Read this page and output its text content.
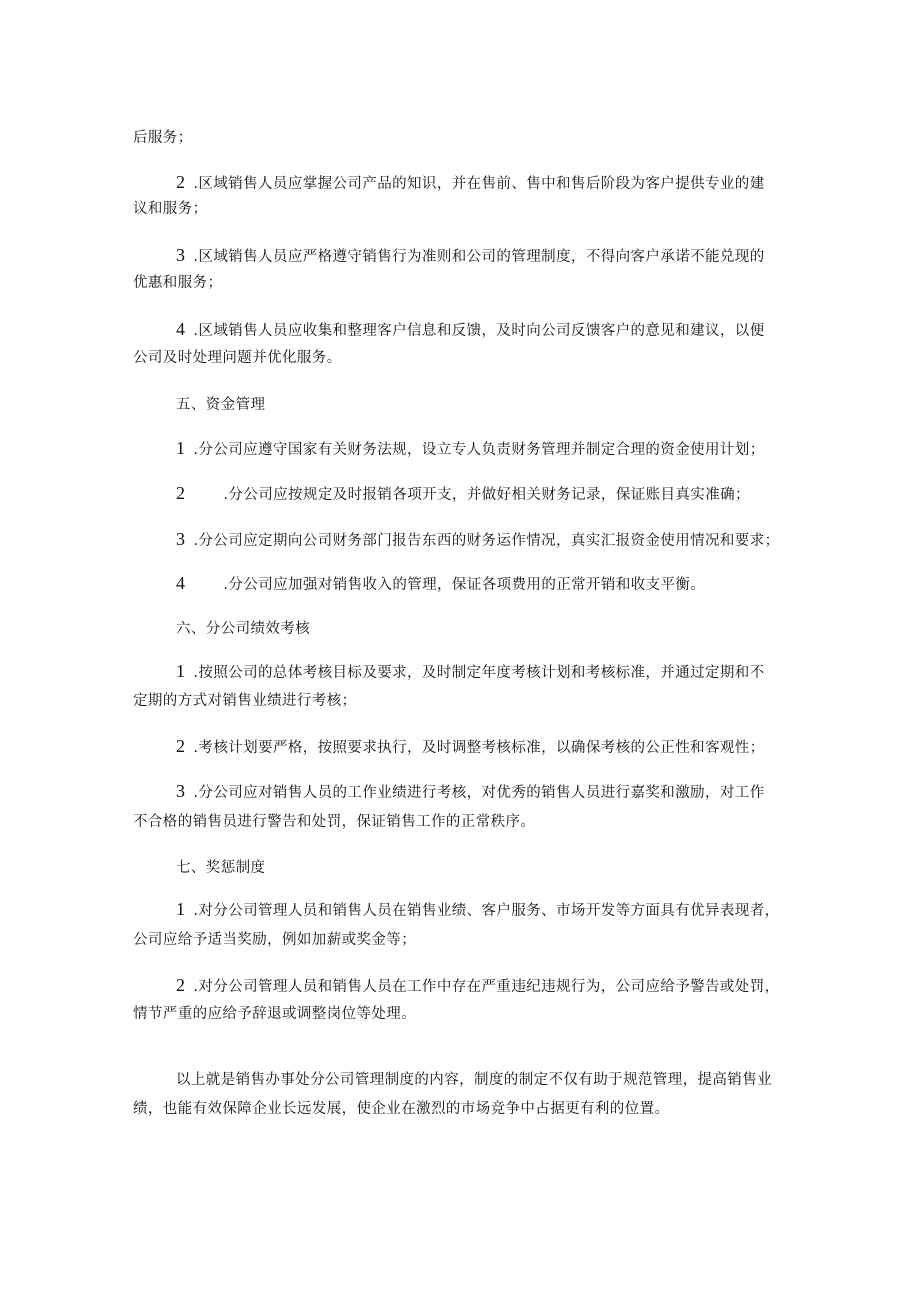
后服务；
2 .区域销售人员应掌握公司产品的知识，并在售前、售中和售后阶段为客户提供专业的建
议和服务；
3 .区域销售人员应严格遵守销售行为准则和公司的管理制度，不得向客户承诺不能兑现的
优惠和服务；
4 .区域销售人员应收集和整理客户信息和反馈，及时向公司反馈客户的意见和建议，以便
公司及时处理问题并优化服务。
五、资金管理
1 .分公司应遵守国家有关财务法规，设立专人负责财务管理并制定合理的资金使用计划；
2	.分公司应按规定及时报销各项开支，并做好相关财务记录，保证账目真实准确；
3 .分公司应定期向公司财务部门报告东西的财务运作情况，真实汇报资金使用情况和要求；
4	.分公司应加强对销售收入的管理，保证各项费用的正常开销和收支平衡。
六、分公司绩效考核
1 .按照公司的总体考核目标及要求，及时制定年度考核计划和考核标准，并通过定期和不
定期的方式对销售业绩进行考核；
2 .考核计划要严格，按照要求执行，及时调整考核标准，以确保考核的公正性和客观性；
3 .分公司应对销售人员的工作业绩进行考核，对优秀的销售人员进行嘉奖和激励，对工作
不合格的销售员进行警告和处罚，保证销售工作的正常秩序。
七、奖惩制度
1 .对分公司管理人员和销售人员在销售业绩、客户服务、市场开发等方面具有优异表现者，
公司应给予适当奖励，例如加薪或奖金等；
2 .对分公司管理人员和销售人员在工作中存在严重违纪违规行为，公司应给予警告或处罚，
情节严重的应给予辞退或调整岗位等处理。
以上就是销售办事处分公司管理制度的内容，制度的制定不仅有助于规范管理，提高销售业
绩，也能有效保障企业长远发展，使企业在激烈的市场竞争中占据更有利的位置。
